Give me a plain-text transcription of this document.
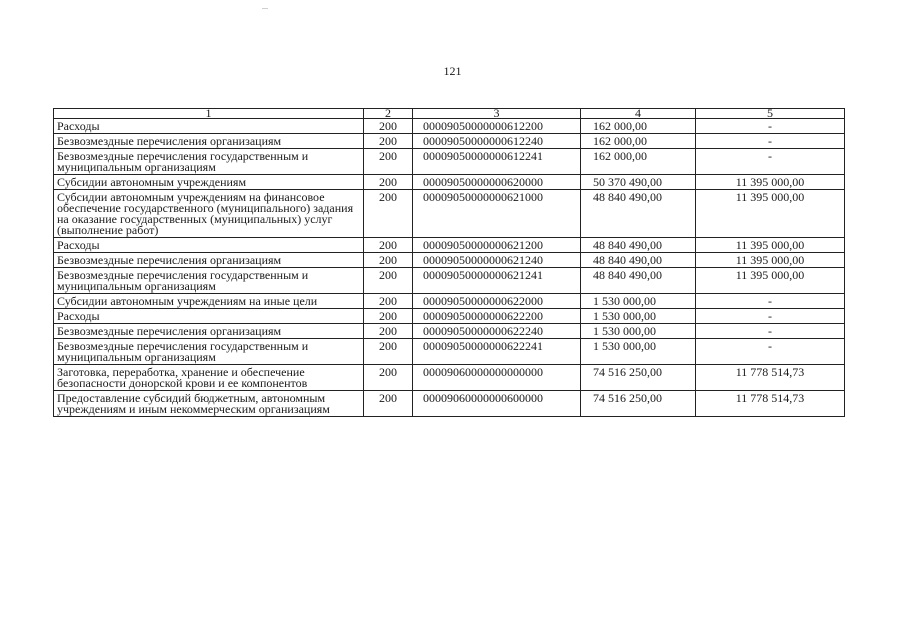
121
1	2	3	4	5
Расходы	200	00009050000000612200	162 000,00	-
Безвозмездные перечисления организациям	200	00009050000000612240	162 000,00	-
Безвозмездные перечисления государственным и муниципальным организациям	200	00009050000000612241	162 000,00	-
Субсидии автономным учреждениям	200	00009050000000620000	50 370 490,00	11 395 000,00
Субсидии автономным учреждениям на финансовое обеспечение государственного (муниципального) задания на оказание государственных (муниципальных) услуг (выполнение работ)	200	00009050000000621000	48 840 490,00	11 395 000,00
Расходы	200	00009050000000621200	48 840 490,00	11 395 000,00
Безвозмездные перечисления организациям	200	00009050000000621240	48 840 490,00	11 395 000,00
Безвозмездные перечисления государственным и муниципальным организациям	200	00009050000000621241	48 840 490,00	11 395 000,00
Субсидии автономным учреждениям на иные цели	200	00009050000000622000	1 530 000,00	-
Расходы	200	00009050000000622200	1 530 000,00	-
Безвозмездные перечисления организациям	200	00009050000000622240	1 530 000,00	-
Безвозмездные перечисления государственным и муниципальным организациям	200	00009050000000622241	1 530 000,00	-
Заготовка, переработка, хранение и обеспечение безопасности донорской крови и ее компонентов	200	00009060000000000000	74 516 250,00	11 778 514,73
Предоставление субсидий бюджетным, автономным учреждениям и иным некоммерческим организациям	200	00009060000000600000	74 516 250,00	11 778 514,73
